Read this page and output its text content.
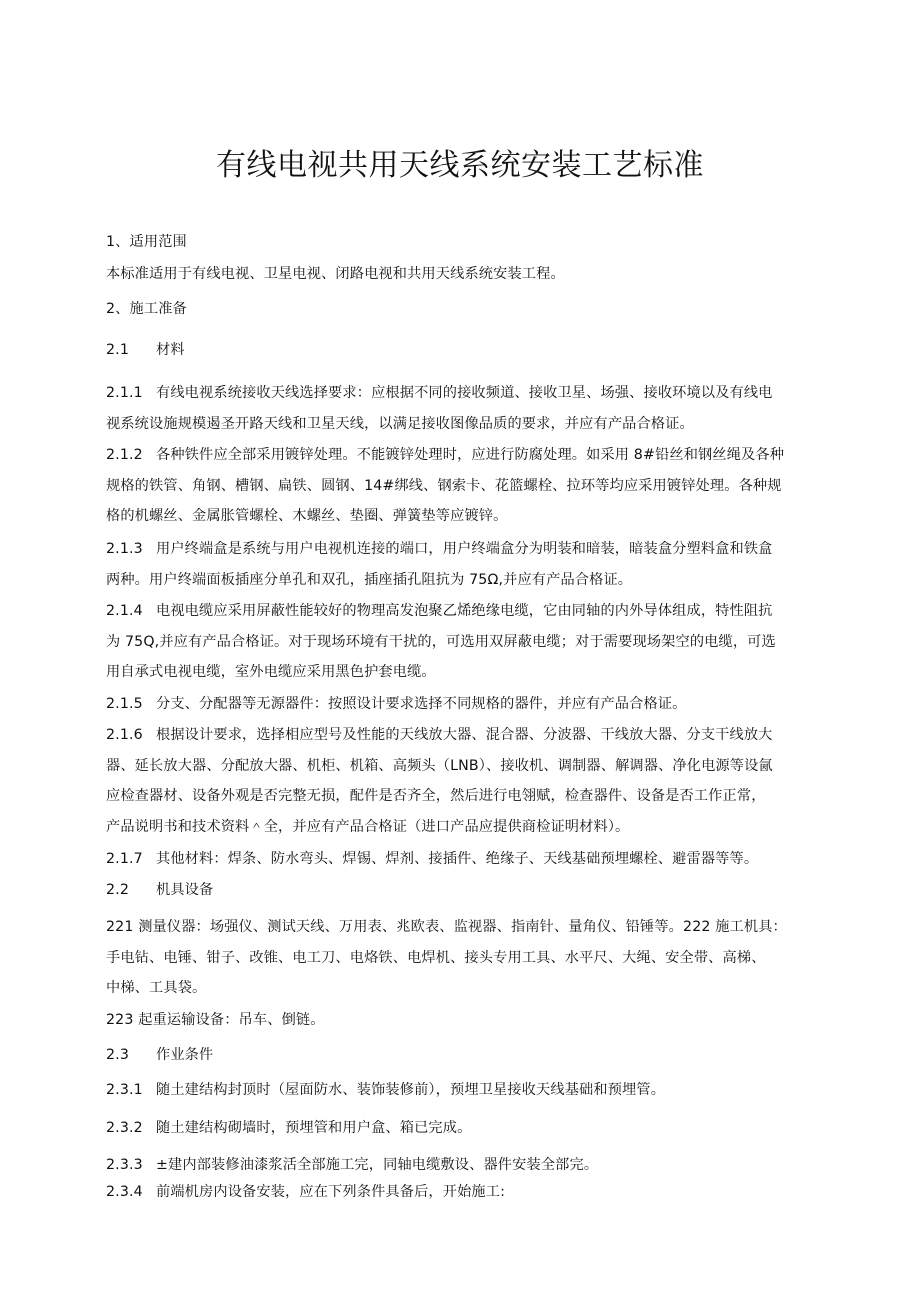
有线电视共用天线系统安装工艺标准
1、适用范围
本标准适用于有线电视、卫星电视、闭路电视和共用天线系统安装工程。
2、施工准备
2.1 材料
2.1.1 有线电视系统接收天线选择要求：应根据不同的接收频道、接收卫星、场强、接收环境以及有线电
视系统设施规模遏圣开路天线和卫星天线，以满足接收图像品质的要求，并应有产品合格证。
2.1.2 各种铁件应全部采用镀锌处理。不能镀锌处理时，应进行防腐处理。如采用 8#铅丝和钢丝绳及各种
规格的铁管、角钢、槽钢、扁铁、圆钢、14#绑线、钢索卡、花篮螺栓、拉环等均应采用镀锌处理。各种规
格的机螺丝、金属胀管螺栓、木螺丝、垫圈、弹簧垫等应镀锌。
2.1.3 用户终端盒是系统与用户电视机连接的端口，用户终端盒分为明装和暗装，暗装盒分塑料盒和铁盒
两种。用户终端面板插座分单孔和双孔，插座插孔阻抗为 75Ω,并应有产品合格证。
2.1.4 电视电缆应采用屏蔽性能较好的物理高发泡聚乙烯绝缘电缆，它由同轴的内外导体组成，特性阻抗
为 75Q,并应有产品合格证。对于现场环境有干扰的，可选用双屏蔽电缆；对于需要现场架空的电缆，可选
用自承式电视电缆，室外电缆应采用黑色护套电缆。
2.1.5 分支、分配器等无源器件：按照设计要求选择不同规格的器件，并应有产品合格证。
2.1.6 根据设计要求，选择相应型号及性能的天线放大器、混合器、分波器、干线放大器、分支干线放大
器、延长放大器、分配放大器、机柜、机箱、高频头（LNB）、接收机、调制器、解调器、净化电源等设氤
应检查器材、设备外观是否完整无损，配件是否齐全，然后进行电翎赋，检查器件、设备是否工作正常，
产品说明书和技术资料＾全，并应有产品合格证（进口产品应提供商检证明材料）。
2.1.7 其他材料：焊条、防水弯头、焊锡、焊剂、接插件、绝缘子、天线基础预埋螺栓、避雷器等等。
2.2 机具设备
221 测量仪器：场强仪、测试天线、万用表、兆欧表、监视器、指南针、量角仪、铅锤等。222 施工机具：
手电钻、电锤、钳子、改锥、电工刀、电烙铁、电焊机、接头专用工具、水平尺、大绳、安全带、高梯、
中梯、工具袋。
223 起重运输设备：吊车、倒链。
2.3 作业条件
2.3.1 随土建结构封顶时（屋面防水、装饰装修前），预埋卫星接收天线基础和预埋管。
2.3.2 随土建结构砌墙时，预埋管和用户盒、箱已完成。
2.3.3 ±建内部装修油漆浆活全部施工完，同轴电缆敷设、器件安装全部完。
2.3.4 前端机房内设备安装，应在下列条件具备后，开始施工:
